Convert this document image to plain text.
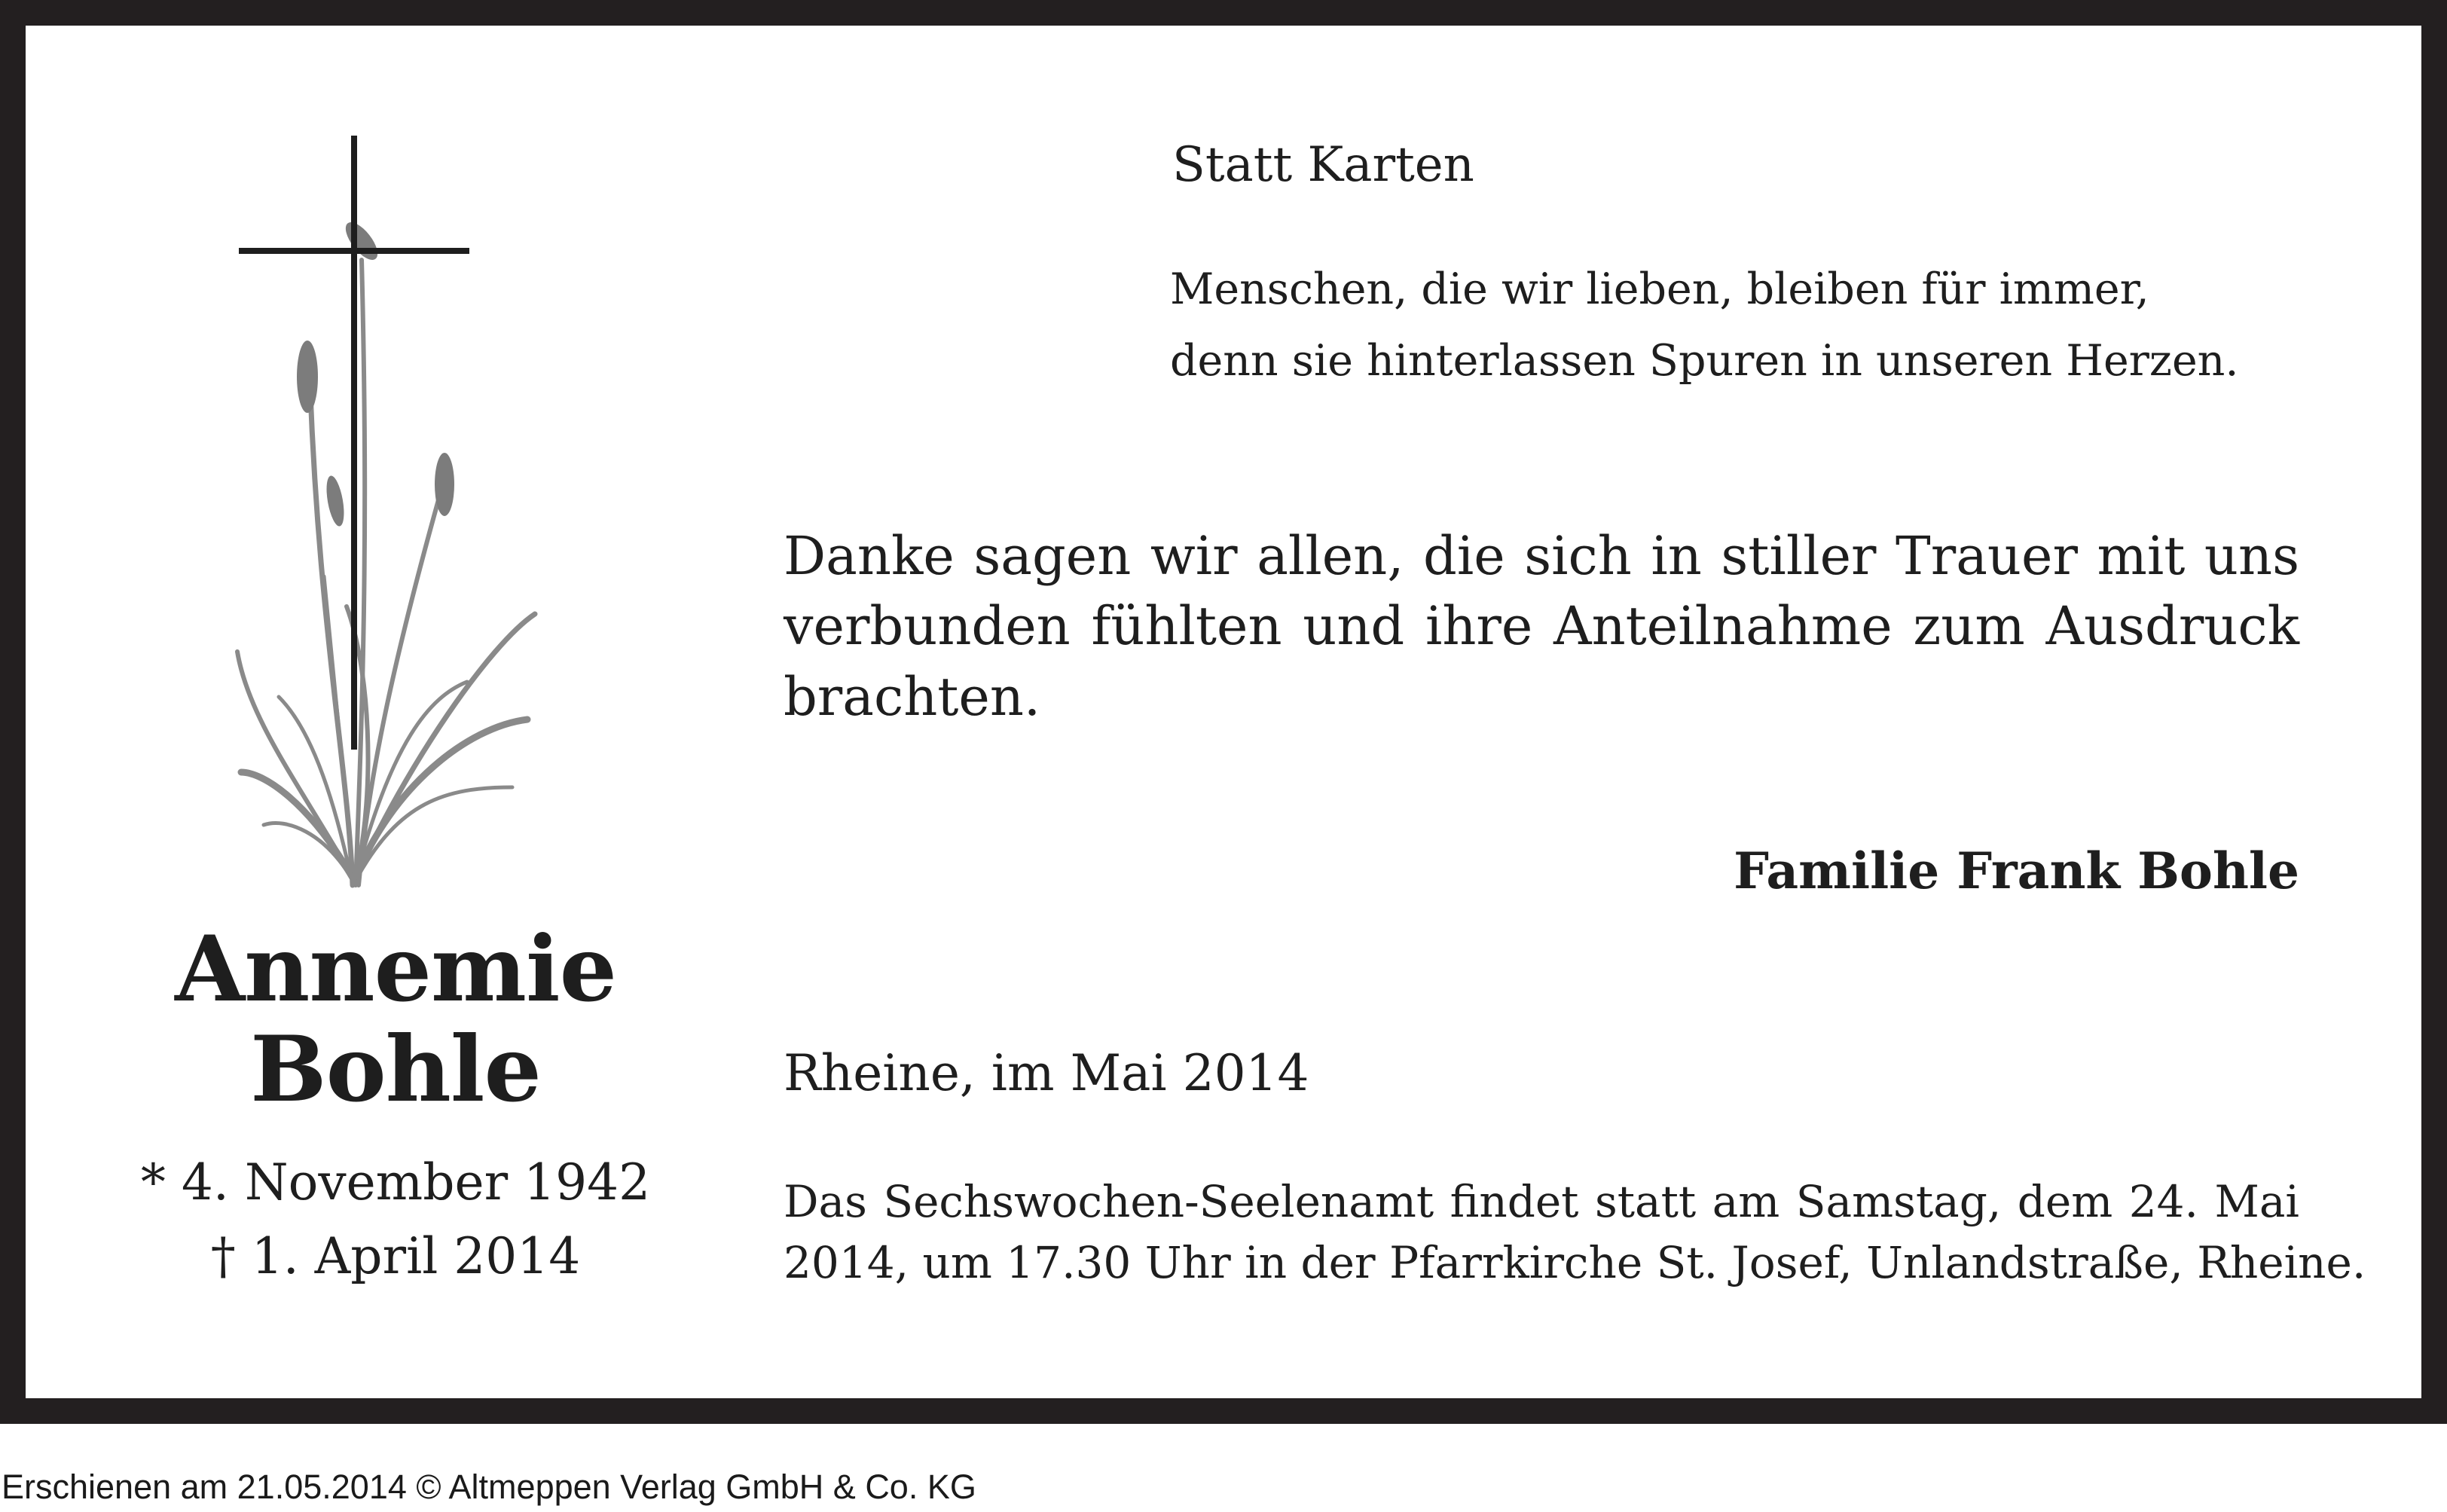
Annemie
Bohle
* 4. November 1942
† 1. April 2014
Statt Karten
Menschen, die wir lieben, bleiben für immer,
denn sie hinterlassen Spuren in unseren Herzen.
Danke sagen wir allen, die sich in stiller Trauer mit uns
verbunden fühlten und ihre Anteilnahme zum Ausdruck
brachten.
Familie Frank Bohle
Rheine, im Mai 2014
Das Sechswochen-Seelenamt findet statt am Samstag, dem 24. Mai
2014, um 17.30 Uhr in der Pfarrkirche St. Josef, Unlandstraße, Rheine.
Erschienen am 21.05.2014 © Altmeppen Verlag GmbH & Co. KG
